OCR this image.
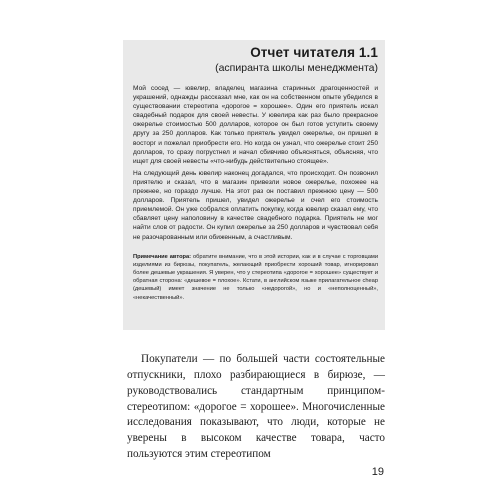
Отчет читателя 1.1
(аспиранта школы менеджмента)

Мой сосед — ювелир, владелец магазина старинных драгоценностей и украшений, однажды рассказал мне, как он на собственном опыте убедился в существовании стереотипа «дорогое = хорошее». Один его приятель искал свадебный подарок для своей невесты. У ювелира как раз было прекрасное ожерелье стоимостью 500 долларов, которое он был готов уступить своему другу за 250 долларов. Как только приятель увидел ожерелье, он пришел в восторг и пожелал приобрести его. Но когда он узнал, что ожерелье стоит 250 долларов, то сразу погрустнел и начал сбивчиво объясняться, объясняя, что ищет для своей невесты «что-нибудь действительно стоящее».

На следующий день ювелир наконец догадался, что происходит. Он позвонил приятелю и сказал, что в магазин привезли новое ожерелье, похожее на прежнее, но гораздо лучше. На этот раз он поставил прежнюю цену — 500 долларов. Приятель пришел, увидел ожерелье и счел его стоимость приемлемой. Он уже собрался оплатить покупку, когда ювелир сказал ему, что сбавляет цену наполовину в качестве свадебного подарка. Приятель не мог найти слов от радости. Он купил ожерелье за 250 долларов и чувствовал себя не разочарованным или обиженным, а счастливым.

Примечание автора: обратите внимание, что в этой истории, как и в случае с торговцами изделиями из бирюзы, покупатель, желающий приобрести хороший товар, игнорировал более дешевые украшения. Я уверен, что у стереотипа «дорогое = хорошее» существует и обратная сторона: «дешевое = плохое». Кстати, в английском языке прилагательное cheap (дешевый) имеет значение не только «недорогой», но и «неполноценный», «некачественный».

Покупатели — по большей части состоятельные отпускники, плохо разбирающиеся в бирюзе, — руководствовались стандартным принципом-стереотипом: «дорогое = хорошее». Многочисленные исследования показывают, что люди, которые не уверены в высоком качестве товара, часто пользуются этим стереотипом

19
